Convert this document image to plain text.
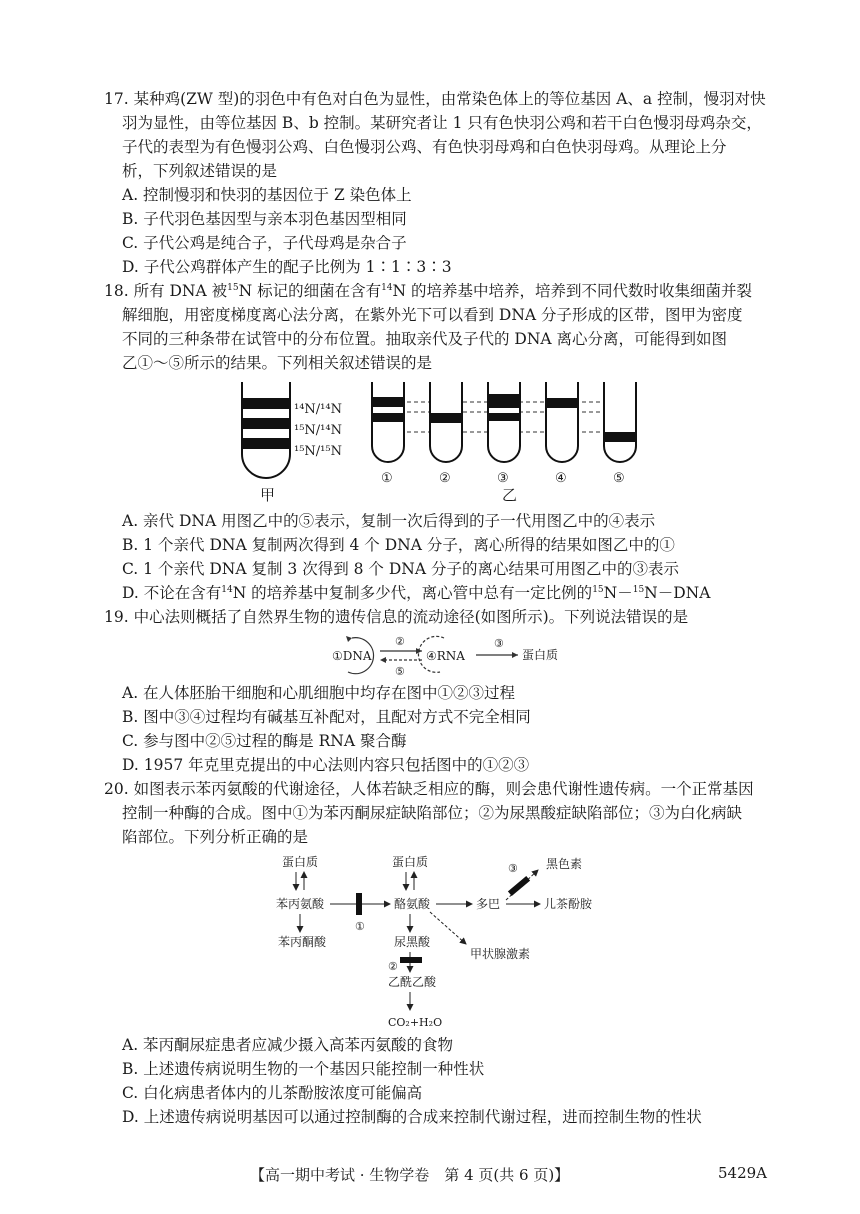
17. 某种鸡(ZW 型)的羽色中有色对白色为显性，由常染色体上的等位基因 A、a 控制，慢羽对快
羽为显性，由等位基因 B、b 控制。某研究者让 1 只有色快羽公鸡和若干白色慢羽母鸡杂交，
子代的表型为有色慢羽公鸡、白色慢羽公鸡、有色快羽母鸡和白色快羽母鸡。从理论上分
析，下列叙述错误的是
A. 控制慢羽和快羽的基因位于 Z 染色体上
B. 子代羽色基因型与亲本羽色基因型相同
C. 子代公鸡是纯合子，子代母鸡是杂合子
D. 子代公鸡群体产生的配子比例为 1∶1∶3∶3
18. 所有 DNA 被$^{15}$N 标记的细菌在含有$^{14}$N 的培养基中培养，培养到不同代数时收集细菌并裂
解细胞，用密度梯度离心法分离，在紫外光下可以看到 DNA 分子形成的区带，图甲为密度
不同的三种条带在试管中的分布位置。抽取亲代及子代的 DNA 离心分离，可能得到如图
乙①～⑤所示的结果。下列相关叙述错误的是
¹⁴N/¹⁴N
¹⁵N/¹⁴N
¹⁵N/¹⁵N
甲
①	②	③	④	⑤
乙
A. 亲代 DNA 用图乙中的⑤表示，复制一次后得到的子一代用图乙中的④表示
B. 1 个亲代 DNA 复制两次得到 4 个 DNA 分子，离心所得的结果如图乙中的①
C. 1 个亲代 DNA 复制 3 次得到 8 个 DNA 分子的离心结果可用图乙中的③表示
D. 不论在含有$^{14}$N 的培养基中复制多少代，离心管中总有一定比例的$^{15}$N－$^{15}$N－DNA
19. 中心法则概括了自然界生物的遗传信息的流动途径(如图所示)。下列说法错误的是
①DNA
②
⑤
④RNA
③
蛋白质
A. 在人体胚胎干细胞和心肌细胞中均存在图中①②③过程
B. 图中③④过程均有碱基互补配对，且配对方式不完全相同
C. 参与图中②⑤过程的酶是 RNA 聚合酶
D. 1957 年克里克提出的中心法则内容只包括图中的①②③
20. 如图表示苯丙氨酸的代谢途径，人体若缺乏相应的酶，则会患代谢性遗传病。一个正常基因
控制一种酶的合成。图中①为苯丙酮尿症缺陷部位；②为尿黑酸症缺陷部位；③为白化病缺
陷部位。下列分析正确的是
蛋白质
苯丙氨酸
①
苯丙酮酸
蛋白质
酪氨酸	多巴
③ 黑色素
儿茶酚胺
甲状腺激素
尿黑酸
②
乙酰乙酸
CO₂+H₂O
A. 苯丙酮尿症患者应减少摄入高苯丙氨酸的食物
B. 上述遗传病说明生物的一个基因只能控制一种性状
C. 白化病患者体内的儿茶酚胺浓度可能偏高
D. 上述遗传病说明基因可以通过控制酶的合成来控制代谢过程，进而控制生物的性状
【高一期中考试 · 生物学卷　第 4 页(共 6 页)】	5429A
